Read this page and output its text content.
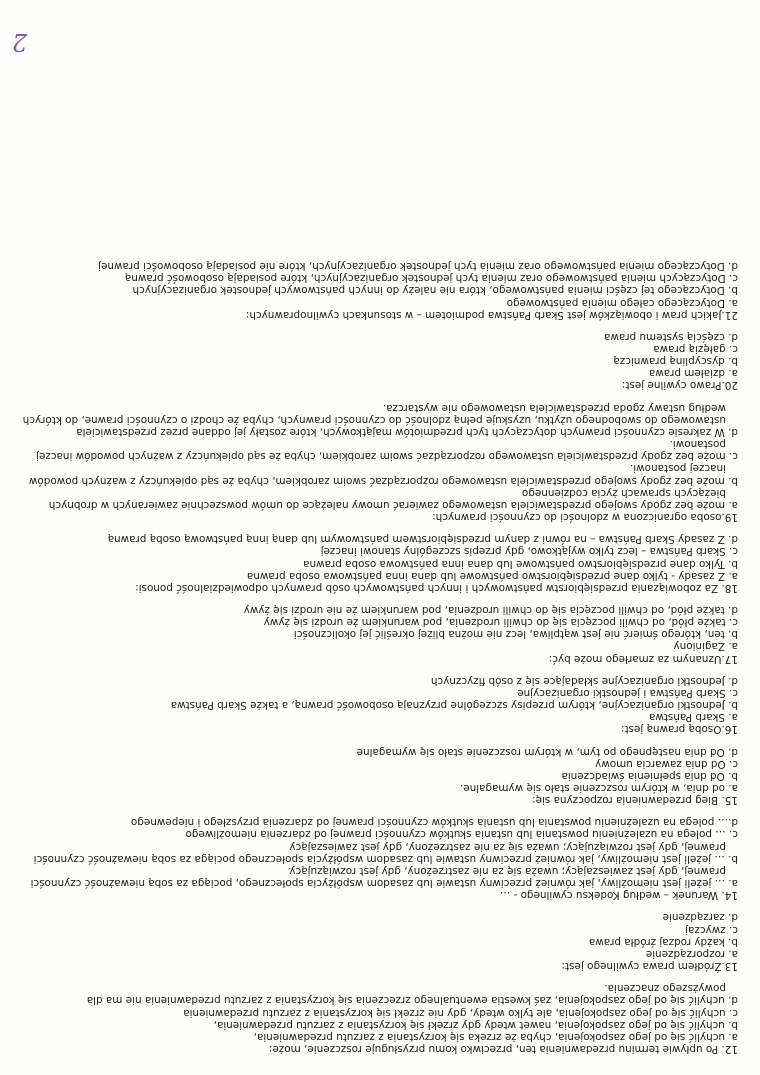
12. Po upływie terminu przedawnienia ten, przeciwko komu przysługuje roszczenie, może:
a. uchylić się od jego zaspokojenia, chyba że zrzeka się korzystania z zarzutu przedawnienia,
b. uchylić się od jego zaspokojenia, nawet wtedy gdy zrzekł się korzystania z zarzutu przedawnienia,
c. uchylić się od jego zaspokojenia, ale tylko wtedy, gdy nie zrzekł się korzystania z zarzutu przedawnienia
d. uchylić się od jego zaspokojenia, zaś kwestia ewentualnego zrzeczenia się korzystania z zarzutu przedawnienia nie ma dla powyższego znaczenia.
13.Źródłem prawa cywilnego jest:
a. rozporządzenie
b. każdy rodzaj źródła prawa
c. zwyczaj
d. zarządzenie
14. Warunek – według Kodeksu cywilnego - …
a. … jeżeli jest niemożliwy, jak również przeciwny ustawie lub zasadom współżycia społecznego, pociąga za sobą nieważność czynności prawnej, gdy jest zawieszający; uważa się za nie zastrzeżony, gdy jest rozwiązujący.
b. … jeżeli jest niemożliwy, jak również przeciwny ustawie lub zasadom współżycia społecznego pociąga za sobą nieważność czynności prawnej, gdy jest rozwiązujący; uważa się za nie zastrzeżony, gdy jest zawieszający
c. … polega na uzależnieniu powstania lub ustania skutków czynności prawnej od zdarzenia niemożliwego
d.… polega na uzależnieniu powstania lub ustania skutków czynności prawnej od zdarzenia przyszłego i niepewnego
15. Bieg przedawnienia rozpoczyna się:
a. od dnia, w którym roszczenie stało się wymagalne.
b. Od dnia spełnienia świadczenia
c. Od dnia zawarcia umowy
d. Od dnia następnego po tym, w którym roszczenie stało się wymagalne
16.Osobą prawną jest:
a. Skarb Państwa
b. Jednostki organizacyjne, którym przepisy szczególne przyznają osobowość prawną, a także Skarb Państwa
c. Skarb Państwa i jednostki organizacyjne
d. Jednostki organizacyjne składające się z osób fizycznych
17.Uznanym za zmarłego może być:
a. Zaginiony
b. ten, którego śmierć nie jest wątpliwa, lecz nie można bliżej określić jej okoliczności
c. także płód, od chwili poczęcia się do chwili urodzenia, pod warunkiem że urodzi się żywy
d. także płód, od chwili poczęcia się do chwili urodzenia, pod warunkiem że nie urodzi się żywy
18. Za zobowiązania przedsiębiorstw państwowych i innych państwowych osób prawnych odpowiedzialność ponosi:
a. Z zasady - tylko dane przedsiębiorstwo państwowe lub dana inna państwowa osoba prawna
b. Tylko dane przedsiębiorstwo państwowe lub dana inna państwowa osoba prawna
c. Skarb Państwa – lecz tylko wyjątkowo, gdy przepis szczególny stanowi inaczej
d. Z zasady Skarb Państwa – na równi z danym przedsiębiorstwem państwowym lub daną inną państwową osobą prawną
19.osoba ograniczona w zdolności do czynności prawnych:
a. może bez zgody swojego przedstawiciela ustawowego zawierać umowy należące do umów powszechnie zawieranych w drobnych bieżących sprawach życia codziennego
b. może bez zgody swojego przedstawiciela ustawowego rozporządzać swoim zarobkiem, chyba że sąd opiekuńczy z ważnych powodów inaczej postanowi.
c. może bez zgody przedstawiciela ustawowego rozporządzać swoim zarobkiem, chyba że sąd opiekuńczy z ważnych powodów inaczej postanowi.
d. W zakresie czynności prawnych dotyczących tych przedmiotów majątkowych, które zostały jej oddane przez przedstawiciela ustawowego do swobodnego użytku, uzyskuje pełną zdolność do czynności prawnych, chyba że chodzi o czynności prawne, do których według ustawy zgoda przedstawiciela ustawowego nie wystarcza.
20.Prawo cywilne jest:
a. działem prawa
b. dyscypliną prawniczą
c. gałęzią prawa
d. częścią systemu prawa
21.Jakich praw i obowiązków jest Skarb Państwa podmiotem – w stosunkach cywilnoprawnych:
a. Dotyczącego całego mienia państwowego
b. Dotyczącego tej części mienia państwowego, która nie należy do innych państwowych jednostek organizacyjnych
c. Dotyczących mienia państwowego oraz mienia tych jednostek organizacyjnych, które posiadają osobowość prawną
d. Dotyczącego mienia państwowego oraz mienia tych jednostek organizacyjnych, które nie posiadają osobowości prawnej
2
